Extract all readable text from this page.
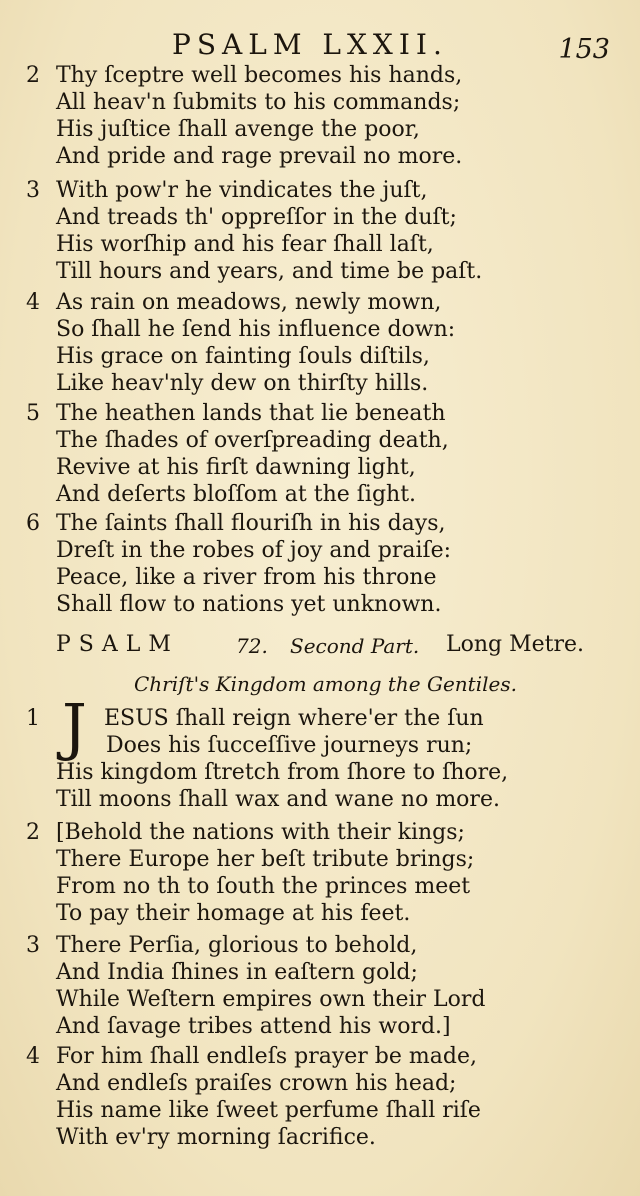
PSALM LXXII.	153
2 Thy ſceptre well becomes his hands,
All heav'n ſubmits to his commands;
His juſtice ſhall avenge the poor,
And pride and rage prevail no more.
3 With pow'r he vindicates the juſt,
And treads th' oppreſſor in the duſt;
His worſhip and his fear ſhall laſt,
Till hours and years, and time be paſt.
4 As rain on meadows, newly mown,
So ſhall he ſend his influence down:
His grace on fainting ſouls diſtils,
Like heav'nly dew on thirſty hills.
5 The heathen lands that lie beneath
The ſhades of overſpreading death,
Revive at his firſt dawning light,
And deſerts bloſſom at the ſight.
6 The ſaints ſhall flouriſh in his days,
Dreſt in the robes of joy and praiſe:
Peace, like a river from his throne
Shall flow to nations yet unknown.
PSALM	72. Second Part. Long Metre.
Chriſt's Kingdom among the Gentiles.
1	ESUS ſhall reign where'er the ſun
Does his ſucceſſive journeys run;
His kingdom ſtretch from ſhore to ſhore,
Till moons ſhall wax and wane no more.
J
2 [Behold the nations with their kings;
There Europe her beſt tribute brings;
From no th to ſouth the princes meet
To pay their homage at his feet.
3 There Perſia, glorious to behold,
And India ſhines in eaſtern gold;
While Weſtern empires own their Lord
And ſavage tribes attend his word.]
4 For him ſhall endleſs prayer be made,
And endleſs praiſes crown his head;
His name like ſweet perfume ſhall riſe
With ev'ry morning ſacrifice.
